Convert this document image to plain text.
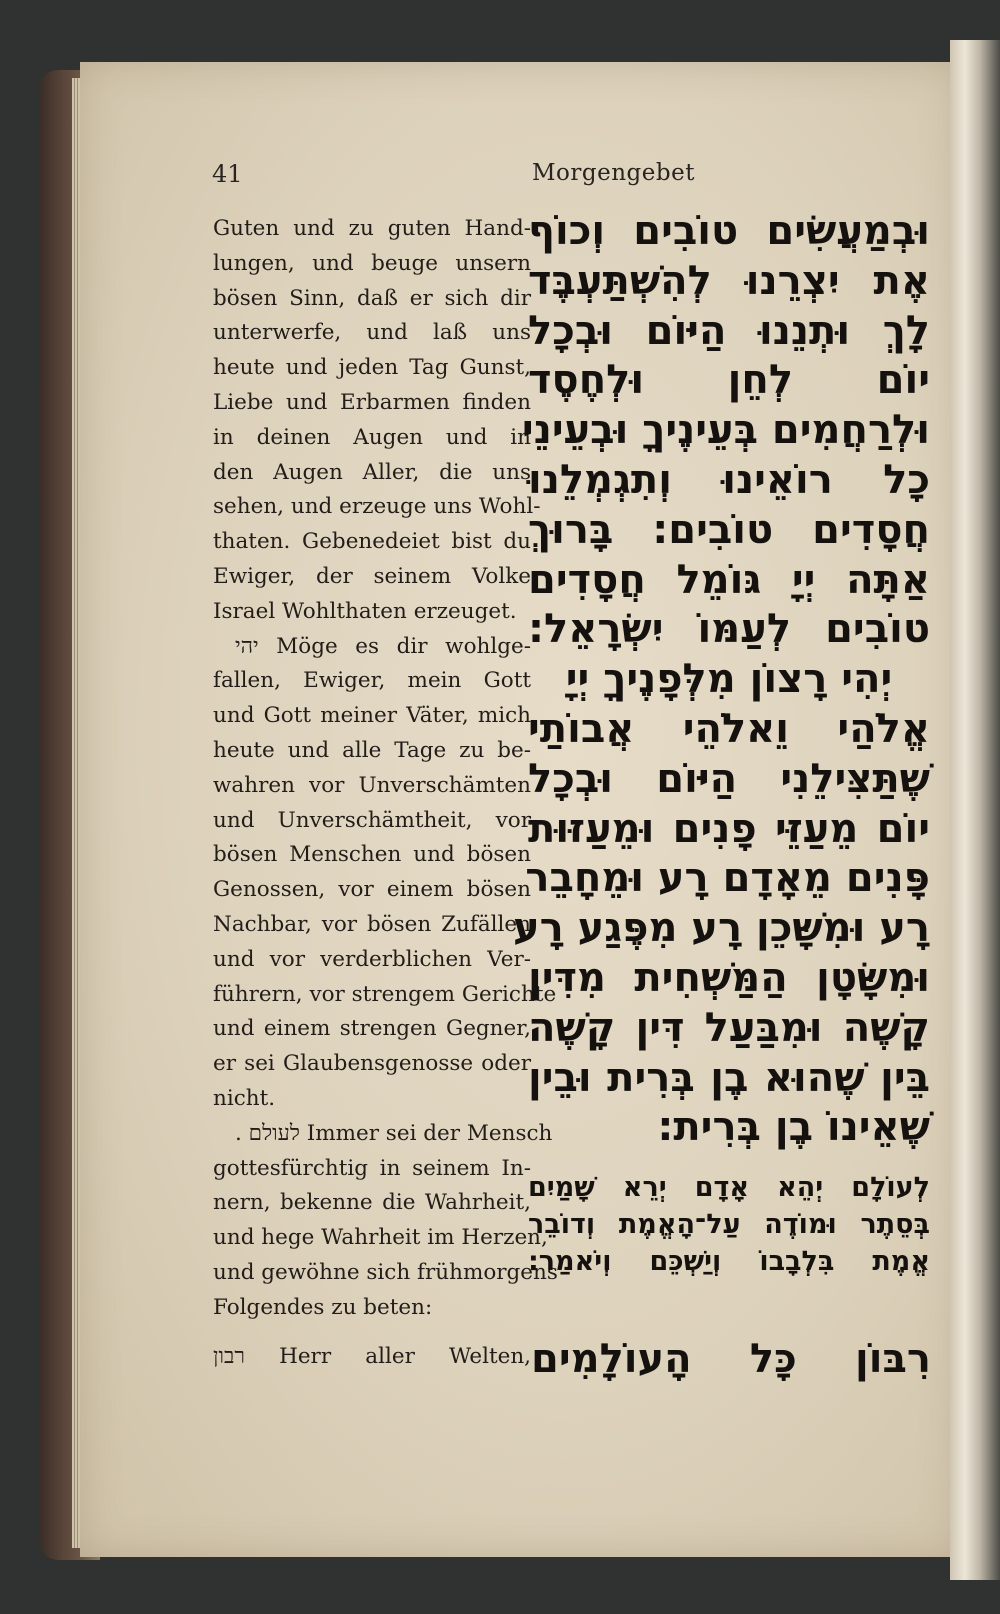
41	Morgengebet
Guten und zu guten Hand-
lungen, und beuge unsern
bösen Sinn, daß er sich dir
unterwerfe, und laß uns
heute und jeden Tag Gunst,
Liebe und Erbarmen finden
in deinen Augen und in
den Augen Aller, die uns
sehen, und erzeuge uns Wohl-
thaten. Gebenedeiet bist du
Ewiger, der seinem Volke
Israel Wohlthaten erzeuget.
יהי Möge es dir wohlge-
fallen, Ewiger, mein Gott
und Gott meiner Väter, mich
heute und alle Tage zu be-
wahren vor Unverschämten
und Unverschämtheit, vor
bösen Menschen und bösen
Genossen, vor einem bösen
Nachbar, vor bösen Zufällen
und vor verderblichen Ver-
führern, vor strengem Gerichte
und einem strengen Gegner,
er sei Glaubensgenosse oder
nicht.
. לעולם Immer sei der Mensch
gottesfürchtig in seinem In-
nern, bekenne die Wahrheit,
und hege Wahrheit im Herzen,
und gewöhne sich frühmorgens
Folgendes zu beten:
וּבְמַעֲשִׂים טוֹבִים וְכוֹף
אֶת יִצְרֵנוּ לְהִשְׁתַּעְבֶּד
לָךְ וּתְנֵנוּ הַיּוֹם וּבְכָל
יוֹם לְחֵן וּלְחֶסֶד
וּלְרַחֲמִים בְּעֵינֶיךָ וּבְעֵינֵי
כָל רוֹאֵינוּ וְתִגְמְלֵנוּ
חֲסָדִים טוֹבִים: בָּרוּךְ
אַתָּה יְיָ גּוֹמֵל חֲסָדִים
טוֹבִים לְעַמּוֹ יִשְׂרָאֵל:
יְהִי רָצוֹן מִלְּפָנֶיךָ יְיָ
אֱלֹהַי וֵאלֹהֵי אֲבוֹתַי
שֶׁתַּצִּילֵנִי הַיּוֹם וּבְכָל
יוֹם מֵעַזֵּי פָנִים וּמֵעַזּוּת
פָּנִים מֵאָדָם רָע וּמֵחָבֵר
רָע וּמִשָּׁכֵן רָע מִפֶּגַע רָע
וּמִשָּׂטָן הַמַּשְׁחִית מִדִּין
קָשֶׁה וּמִבַּעַל דִּין קָשֶׁה
בֵּין שֶׁהוּא בֶן בְּרִית וּבֵין
שֶׁאֵינוֹ בֶן בְּרִית:
לְעוֹלָם יְהֵא אָדָם יְרֵא שָׁמַיִם
בְּסֵתֶר וּמוֹדֶה עַל־הָאֱמֶת וְדוֹבֵר
אֱמֶת בִּלְבָבוֹ וְיַשְׁכֵּם וְיֹאמַר:
רבון Herr aller Welten, רִבּוֹן כָּל הָעוֹלָמִים
